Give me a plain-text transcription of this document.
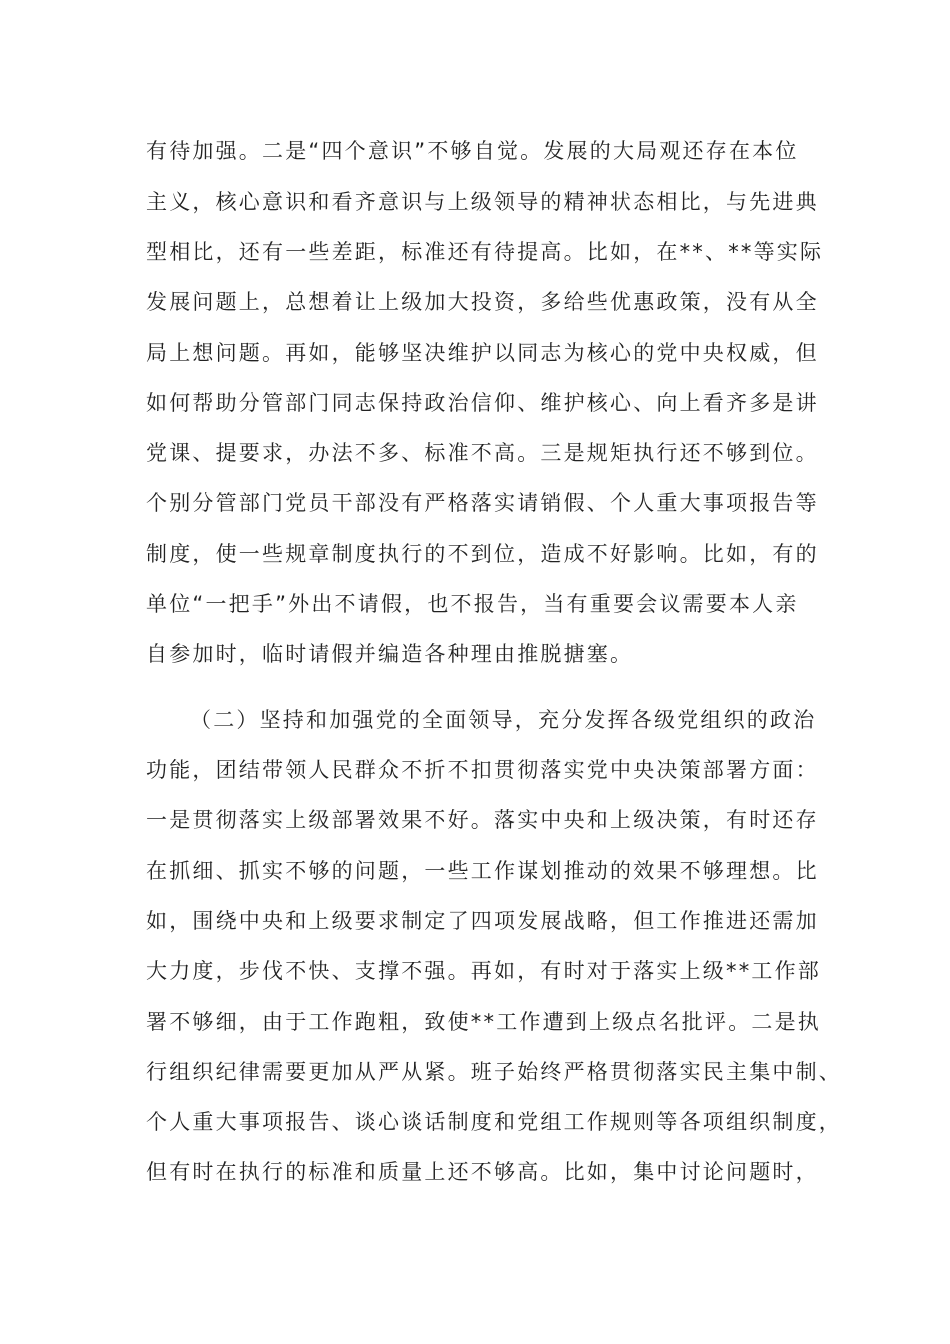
有待加强。二是“四个意识”不够自觉。发展的大局观还存在本位
主义，核心意识和看齐意识与上级领导的精神状态相比，与先进典
型相比，还有一些差距，标准还有待提高。比如，在**、**等实际
发展问题上，总想着让上级加大投资，多给些优惠政策，没有从全
局上想问题。再如，能够坚决维护以同志为核心的党中央权威，但
如何帮助分管部门同志保持政治信仰、维护核心、向上看齐多是讲
党课、提要求，办法不多、标准不高。三是规矩执行还不够到位。
个别分管部门党员干部没有严格落实请销假、个人重大事项报告等
制度，使一些规章制度执行的不到位，造成不好影响。比如，有的
单位“一把手”外出不请假，也不报告，当有重要会议需要本人亲
自参加时，临时请假并编造各种理由推脱搪塞。
（二）坚持和加强党的全面领导，充分发挥各级党组织的政治
功能，团结带领人民群众不折不扣贯彻落实党中央决策部署方面：
一是贯彻落实上级部署效果不好。落实中央和上级决策，有时还存
在抓细、抓实不够的问题，一些工作谋划推动的效果不够理想。比
如，围绕中央和上级要求制定了四项发展战略，但工作推进还需加
大力度，步伐不快、支撑不强。再如，有时对于落实上级**工作部
署不够细，由于工作跑粗，致使**工作遭到上级点名批评。二是执
行组织纪律需要更加从严从紧。班子始终严格贯彻落实民主集中制、
个人重大事项报告、谈心谈话制度和党组工作规则等各项组织制度，
但有时在执行的标准和质量上还不够高。比如，集中讨论问题时，
